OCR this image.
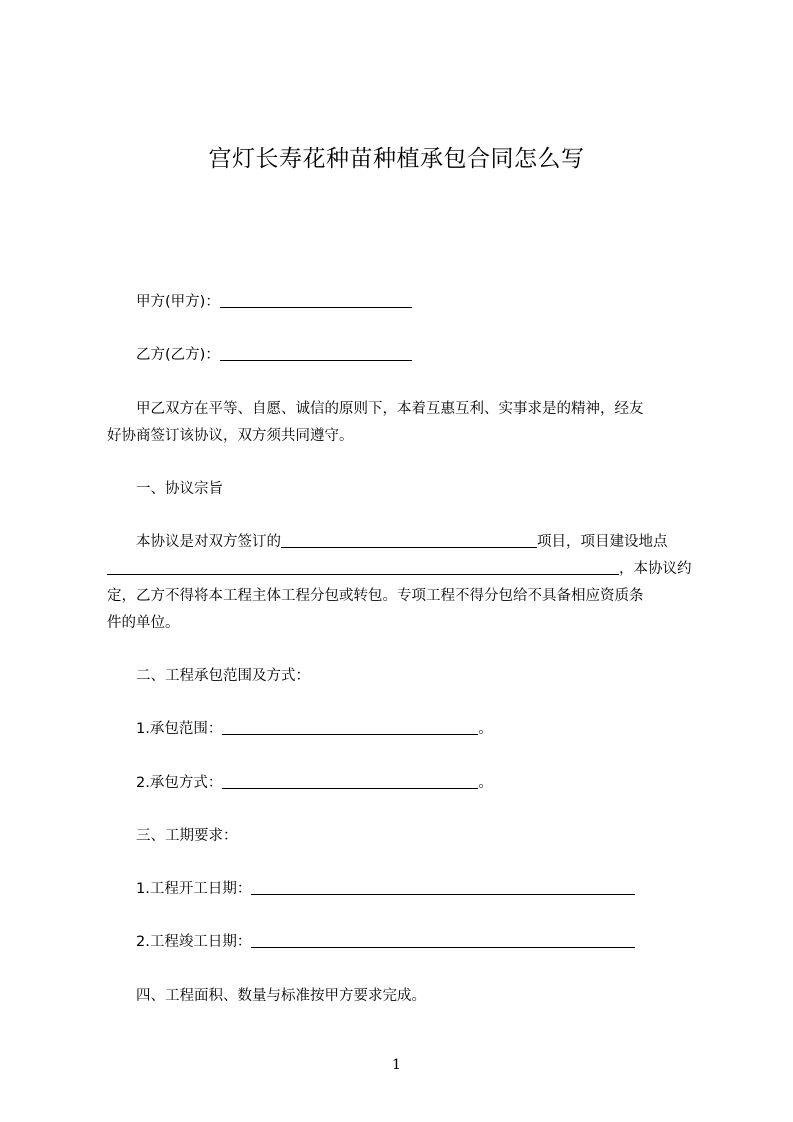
宫灯长寿花种苗种植承包合同怎么写
甲方(甲方)：
乙方(乙方)：
甲乙双方在平等、自愿、诚信的原则下，本着互惠互利、实事求是的精神，经友
好协商签订该协议，双方须共同遵守。
一、协议宗旨
本协议是对双方签订的	项目，项目建设地点
，本协议约
定，乙方不得将本工程主体工程分包或转包。专项工程不得分包给不具备相应资质条
件的单位。
二、工程承包范围及方式：
1.承包范围：	。
2.承包方式：	。
三、工期要求：
1.工程开工日期：
2.工程竣工日期：
四、工程面积、数量与标准按甲方要求完成。
1
